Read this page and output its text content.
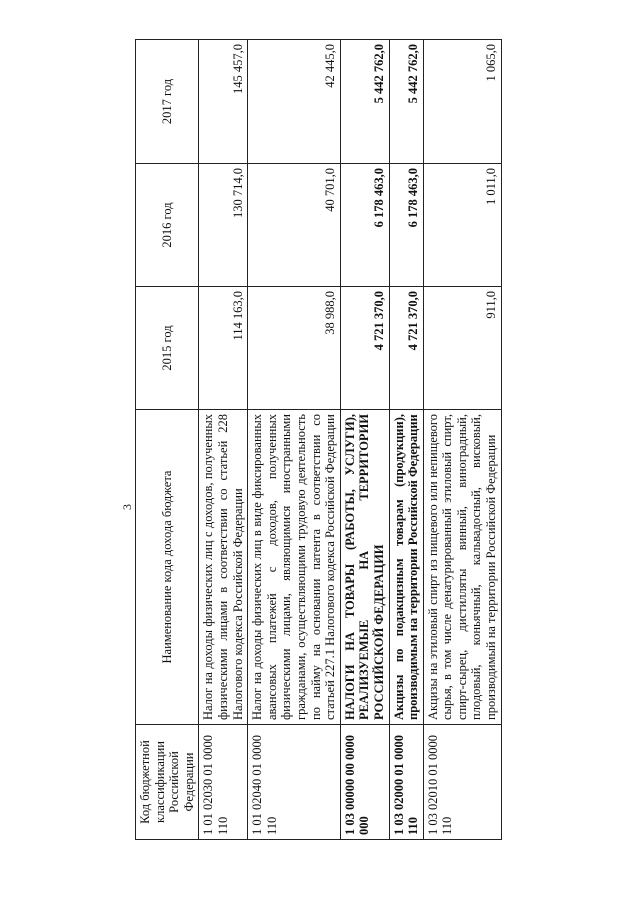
3
Код бюджетной классификации Российской Федерации	Наименование кода дохода бюджета	2015 год	2016 год	2017 год
1 01 02030 01 0000 110	Налог на доходы физических лиц с доходов, полученных физическими лицами в соответствии со статьей 228 Налогового кодекса Российской Федерации	114 163,0	130 714,0	145 457,0
1 01 02040 01 0000 110	Налог на доходы физических лиц в виде фиксированных авансовых платежей с доходов, полученных физическими лицами, являющимися иностранными гражданами, осуществляющими трудовую деятельность по найму на основании патента в соответствии со статьей 227.1 Налогового кодекса Российской Федерации	38 988,0	40 701,0	42 445,0
1 03 00000 00 0000 000	НАЛОГИ НА ТОВАРЫ (РАБОТЫ, УСЛУГИ), РЕАЛИЗУЕМЫЕ НА ТЕРРИТОРИИ РОССИЙСКОЙ ФЕДЕРАЦИИ	4 721 370,0	6 178 463,0	5 442 762,0
1 03 02000 01 0000 110	Акцизы по подакцизным товарам (продукции), производимым на территории Российской Федерации	4 721 370,0	6 178 463,0	5 442 762,0
1 03 02010 01 0000 110	Акцизы на этиловый спирт из пищевого или непищевого сырья, в том числе денатурированный этиловый спирт, спирт-сырец, дистилляты винный, виноградный, плодовый, коньячный, кальвадосный, висковый, производимый на территории Российской Федерации	911,0	1 011,0	1 065,0
